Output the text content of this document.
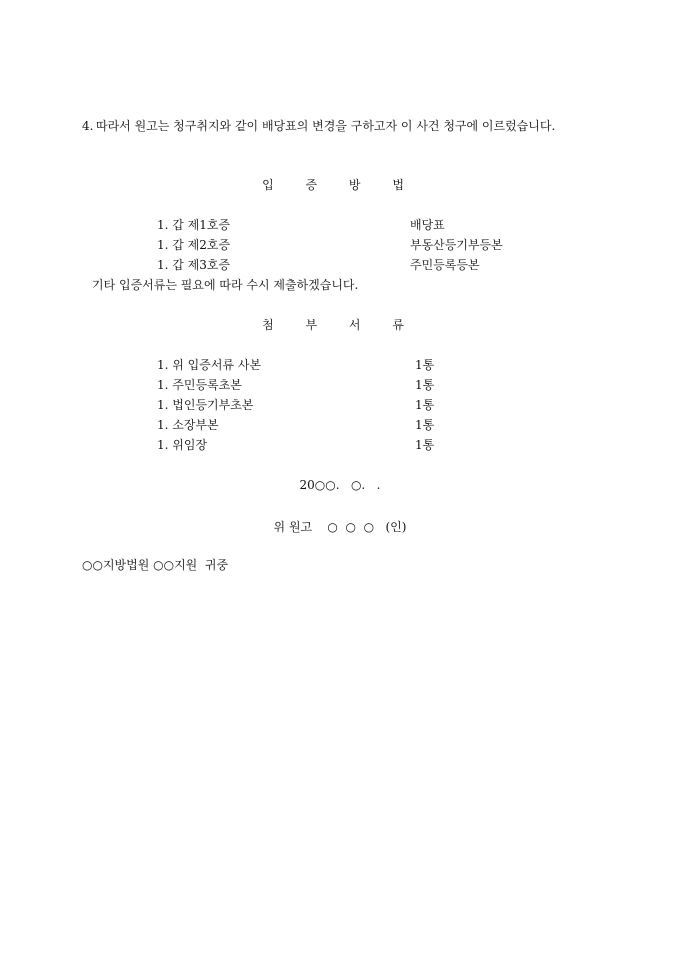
4. 따라서 원고는 청구취지와 같이 배당표의 변경을 구하고자 이 사건 청구에 이르렀습니다.
입 증 방 법
1. 갑 제1호증	배당표
1. 갑 제2호증	부동산등기부등본
1. 갑 제3호증	주민등록등본
기타 입증서류는 필요에 따라 수시 제출하겠습니다.
첨 부 서 류
1. 위 입증서류 사본	1통
1. 주민등록초본	1통
1. 법인등기부초본	1통
1. 소장부본	1통
1. 위임장	1통
20○○.   ○.   .
위 원고    ○  ○  ○   (인)
○○지방법원 ○○지원  귀중
